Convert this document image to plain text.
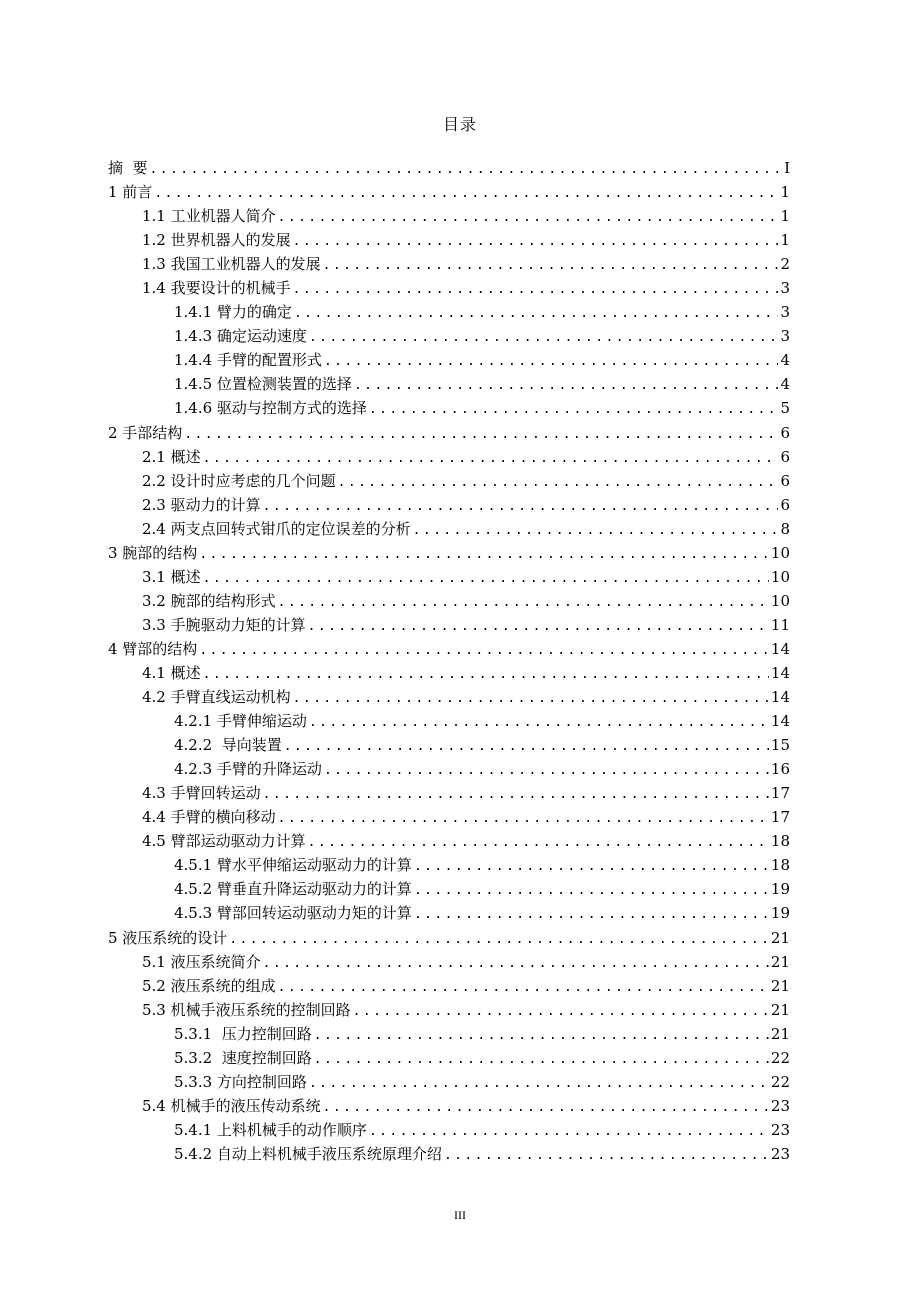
目录
摘  要 .....	I
1 前言 .....	1
1.1 工业机器人简介 .....	1
1.2 世界机器人的发展 .....	1
1.3 我国工业机器人的发展 .....	2
1.4 我要设计的机械手 .....	3
1.4.1 臂力的确定 .....	3
1.4.3 确定运动速度 .....	3
1.4.4 手臂的配置形式 .....	4
1.4.5 位置检测装置的选择 .....	4
1.4.6 驱动与控制方式的选择 .....	5
2 手部结构 .....	6
2.1 概述 .....	6
2.2 设计时应考虑的几个问题 .....	6
2.3 驱动力的计算 .....	6
2.4 两支点回转式钳爪的定位误差的分析 .....	8
3 腕部的结构 .....	10
3.1 概述 .....	10
3.2 腕部的结构形式 .....	10
3.3 手腕驱动力矩的计算 .....	11
4 臂部的结构 .....	14
4.1 概述 .....	14
4.2 手臂直线运动机构 .....	14
4.2.1 手臂伸缩运动 .....	14
4.2.2  导向装置 .....	15
4.2.3 手臂的升降运动 .....	16
4.3 手臂回转运动 .....	17
4.4 手臂的横向移动 .....	17
4.5 臂部运动驱动力计算 .....	18
4.5.1 臂水平伸缩运动驱动力的计算 .....	18
4.5.2 臂垂直升降运动驱动力的计算 .....	19
4.5.3 臂部回转运动驱动力矩的计算 .....	19
5 液压系统的设计 .....	21
5.1 液压系统简介 .....	21
5.2 液压系统的组成 .....	21
5.3 机械手液压系统的控制回路 .....	21
5.3.1  压力控制回路 .....	21
5.3.2  速度控制回路 .....	22
5.3.3 方向控制回路 .....	22
5.4 机械手的液压传动系统 .....	23
5.4.1 上料机械手的动作顺序 .....	23
5.4.2 自动上料机械手液压系统原理介绍 .....	23
III
